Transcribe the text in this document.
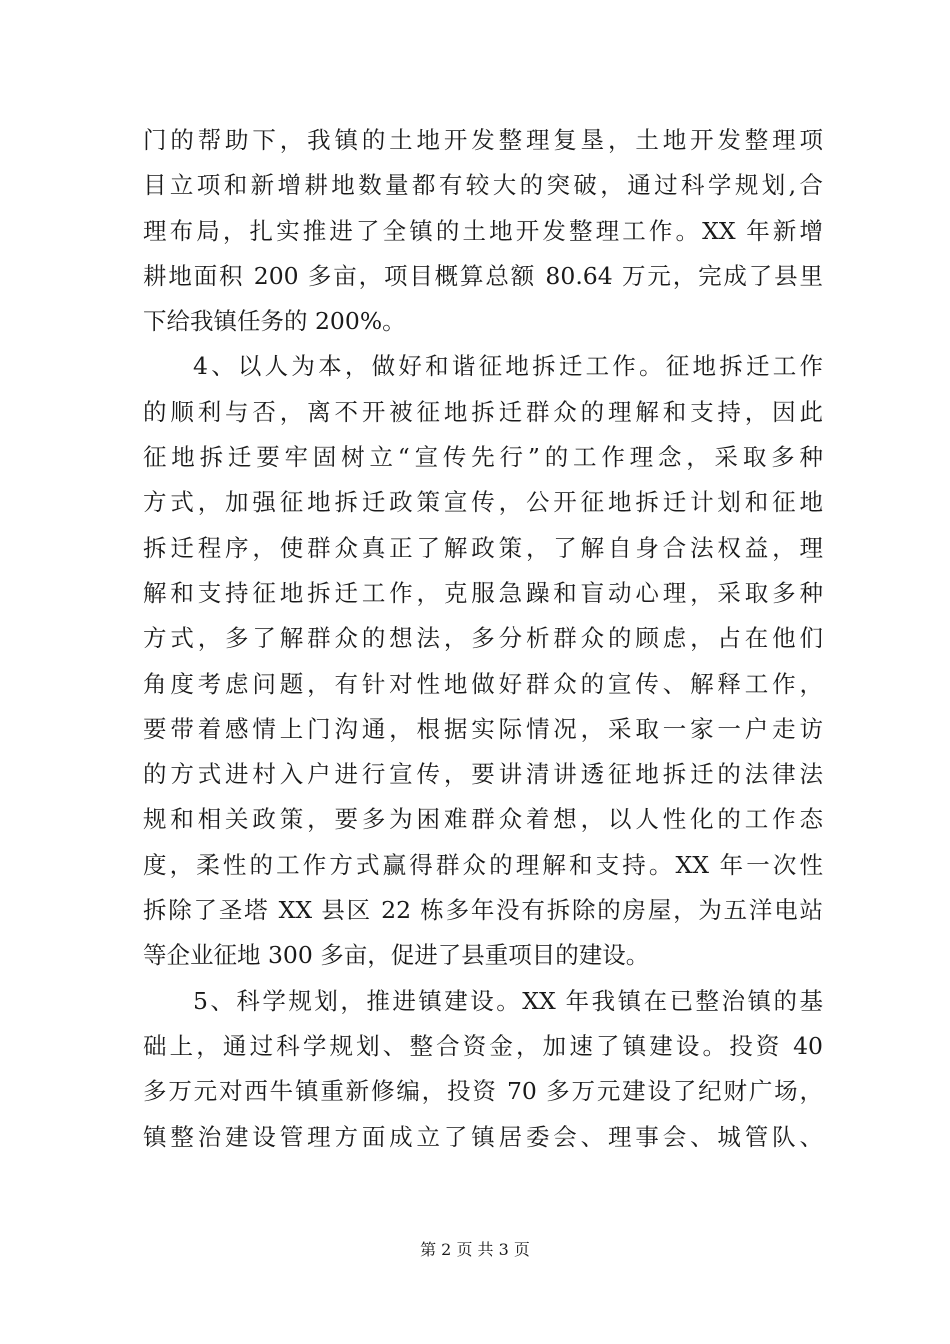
门的帮助下，我镇的土地开发整理复垦，土地开发整理项
目立项和新增耕地数量都有较大的突破，通过科学规划,合
理布局，扎实推进了全镇的土地开发整理工作。XX 年新增
耕地面积 200 多亩，项目概算总额 80.64 万元，完成了县里
下给我镇任务的 200%。
4、以人为本，做好和谐征地拆迁工作。征地拆迁工作
的顺利与否，离不开被征地拆迁群众的理解和支持，因此
征地拆迁要牢固树立“宣传先行”的工作理念，采取多种
方式，加强征地拆迁政策宣传，公开征地拆迁计划和征地
拆迁程序，使群众真正了解政策，了解自身合法权益，理
解和支持征地拆迁工作，克服急躁和盲动心理，采取多种
方式，多了解群众的想法，多分析群众的顾虑，占在他们
角度考虑问题，有针对性地做好群众的宣传、解释工作，
要带着感情上门沟通，根据实际情况，采取一家一户走访
的方式进村入户进行宣传，要讲清讲透征地拆迁的法律法
规和相关政策，要多为困难群众着想，以人性化的工作态
度，柔性的工作方式赢得群众的理解和支持。XX 年一次性
拆除了圣塔 XX 县区 22 栋多年没有拆除的房屋，为五洋电站
等企业征地 300 多亩，促进了县重项目的建设。
5、科学规划，推进镇建设。XX 年我镇在已整治镇的基
础上，通过科学规划、整合资金，加速了镇建设。投资 40
多万元对西牛镇重新修编，投资 70 多万元建设了纪财广场，
镇整治建设管理方面成立了镇居委会、理事会、城管队、
第 2 页 共 3 页
